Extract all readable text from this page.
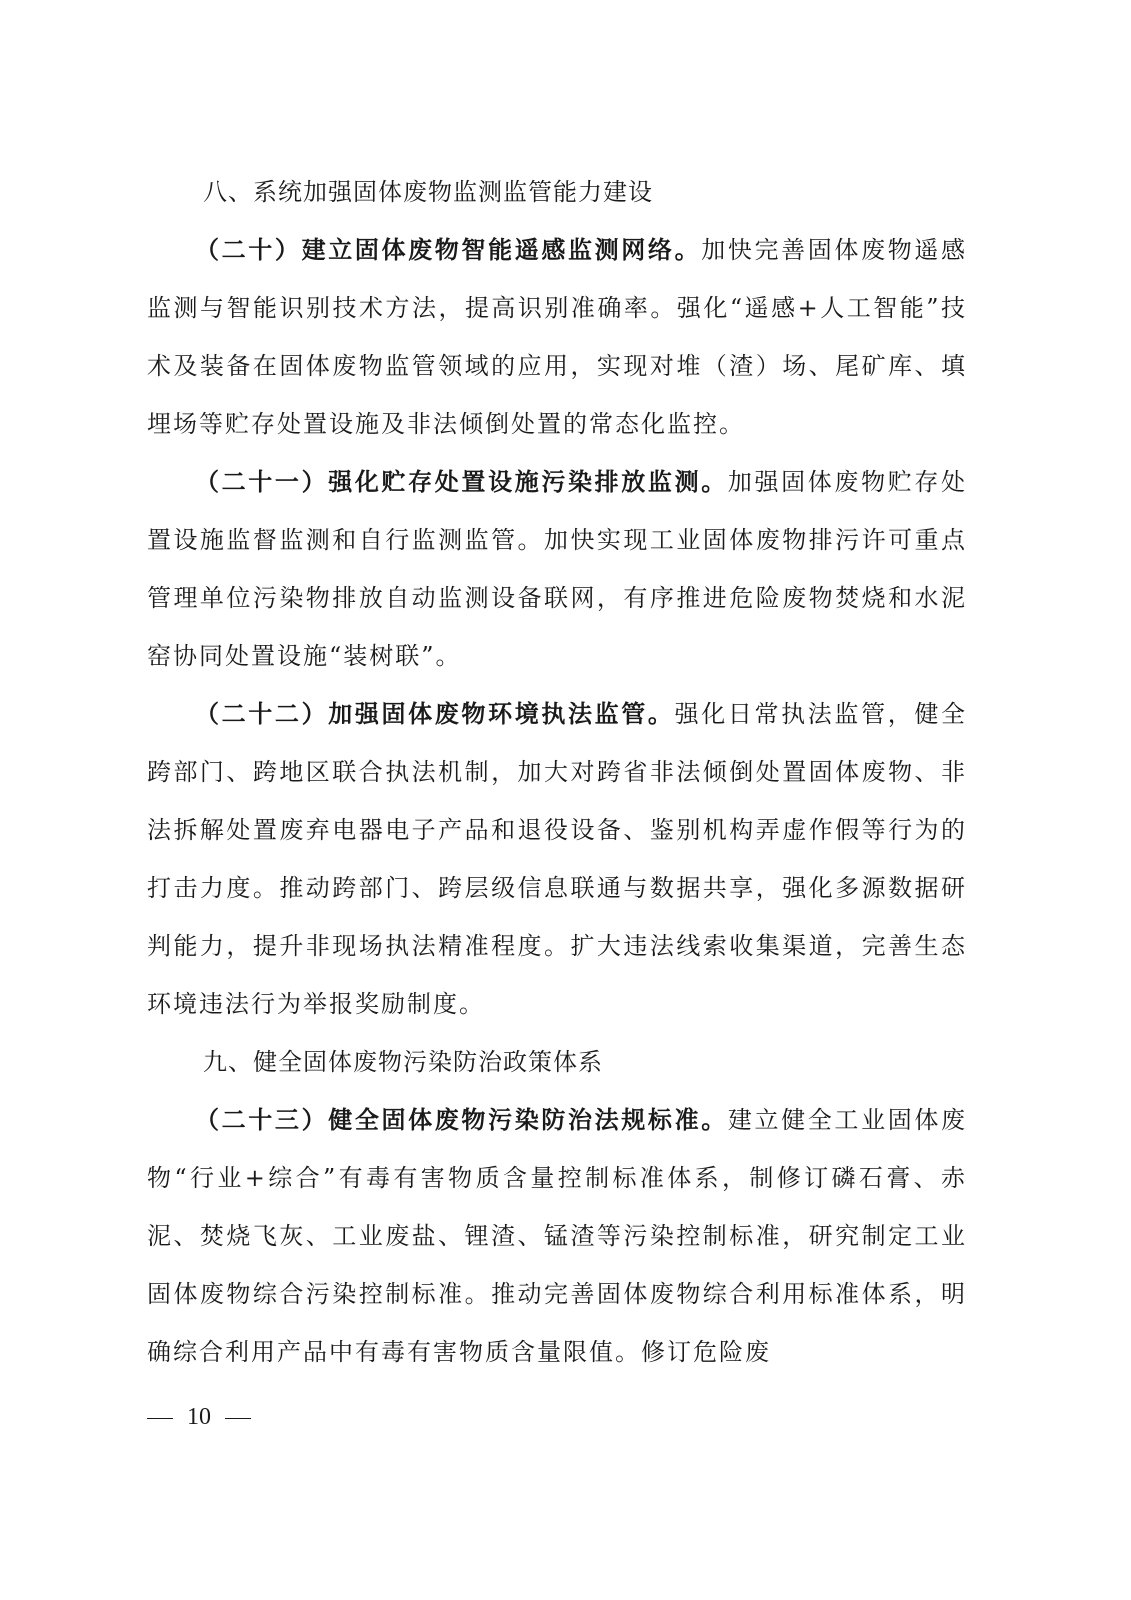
八、系统加强固体废物监测监管能力建设

（二十）建立固体废物智能遥感监测网络。加快完善固体废物遥感监测与智能识别技术方法，提高识别准确率。强化“遥感+人工智能”技术及装备在固体废物监管领域的应用，实现对堆（渣）场、尾矿库、填埋场等贮存处置设施及非法倾倒处置的常态化监控。

（二十一）强化贮存处置设施污染排放监测。加强固体废物贮存处置设施监督监测和自行监测监管。加快实现工业固体废物排污许可重点管理单位污染物排放自动监测设备联网，有序推进危险废物焚烧和水泥窑协同处置设施“装树联”。

（二十二）加强固体废物环境执法监管。强化日常执法监管，健全跨部门、跨地区联合执法机制，加大对跨省非法倾倒处置固体废物、非法拆解处置废弃电器电子产品和退役设备、鉴别机构弄虚作假等行为的打击力度。推动跨部门、跨层级信息联通与数据共享，强化多源数据研判能力，提升非现场执法精准程度。扩大违法线索收集渠道，完善生态环境违法行为举报奖励制度。

九、健全固体废物污染防治政策体系

（二十三）健全固体废物污染防治法规标准。建立健全工业固体废物“行业+综合”有毒有害物质含量控制标准体系，制修订磷石膏、赤泥、焚烧飞灰、工业废盐、锂渣、锰渣等污染控制标准，研究制定工业固体废物综合污染控制标准。推动完善固体废物综合利用标准体系，明确综合利用产品中有毒有害物质含量限值。修订危险废

10
